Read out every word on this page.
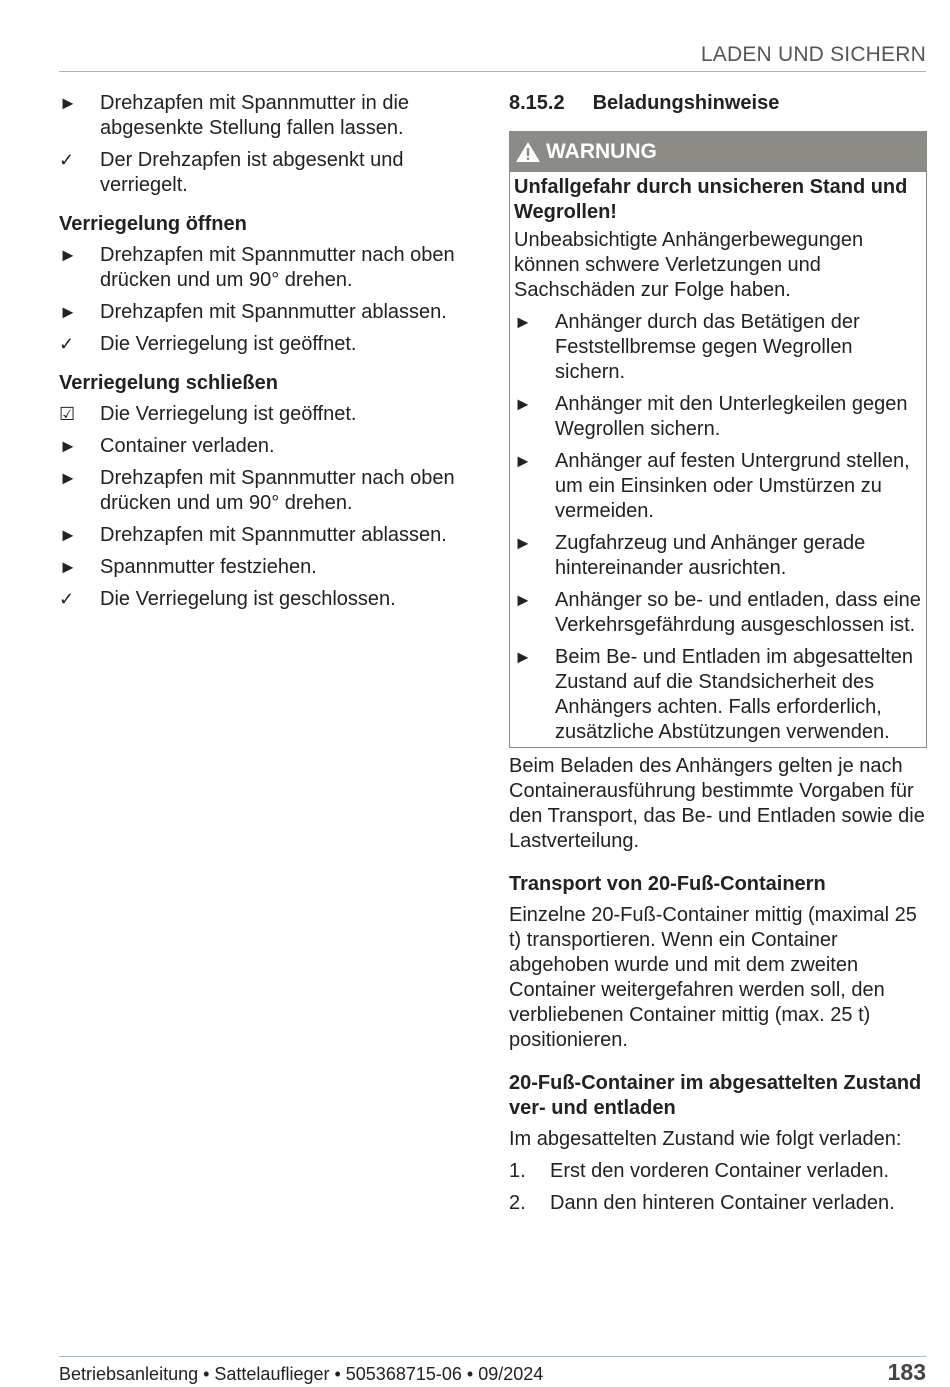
LADEN UND SICHERN
►	Drehzapfen mit Spannmutter in die abgesenkte Stellung fallen lassen.
✓	Der Drehzapfen ist abgesenkt und verriegelt.
Verriegelung öffnen
►	Drehzapfen mit Spannmutter nach oben drücken und um 90° drehen.
►	Drehzapfen mit Spannmutter ablassen.
✓	Die Verriegelung ist geöffnet.
Verriegelung schließen
☑	Die Verriegelung ist geöffnet.
►	Container verladen.
►	Drehzapfen mit Spannmutter nach oben drücken und um 90° drehen.
►	Drehzapfen mit Spannmutter ablassen.
►	Spannmutter festziehen.
✓	Die Verriegelung ist geschlossen.
8.15.2 Beladungshinweise
WARNUNG
Unfallgefahr durch unsicheren Stand und Wegrollen!

Unbeabsichtigte Anhängerbewegungen können schwere Verletzungen und Sachschäden zur Folge haben.

►	Anhänger durch das Betätigen der Feststellbremse gegen Wegrollen sichern.
►	Anhänger mit den Unterlegkeilen gegen Wegrollen sichern.
►	Anhänger auf festen Untergrund stellen, um ein Einsinken oder Umstürzen zu vermeiden.
►	Zugfahrzeug und Anhänger gerade hintereinander ausrichten.
►	Anhänger so be- und entladen, dass eine Verkehrsgefährdung ausgeschlossen ist.
►	Beim Be- und Entladen im abgesattelten Zustand auf die Standsicherheit des Anhängers achten. Falls erforderlich, zusätzliche Abstützungen verwenden.

Beim Beladen des Anhängers gelten je nach Containerausführung bestimmte Vorgaben für den Transport, das Be- und Entladen sowie die Lastverteilung.

Transport von 20-Fuß-Containern

Einzelne 20-Fuß-Container mittig (maximal 25 t) transportieren. Wenn ein Container abgehoben wurde und mit dem zweiten Container weitergefahren werden soll, den verbliebenen Container mittig (max. 25 t) positionieren.

20-Fuß-Container im abgesattelten Zustand ver- und entladen

Im abgesattelten Zustand wie folgt verladen:

1.	Erst den vorderen Container verladen.
2.	Dann den hinteren Container verladen.
Betriebsanleitung • Sattelauflieger • 505368715-06 • 09/2024	183
